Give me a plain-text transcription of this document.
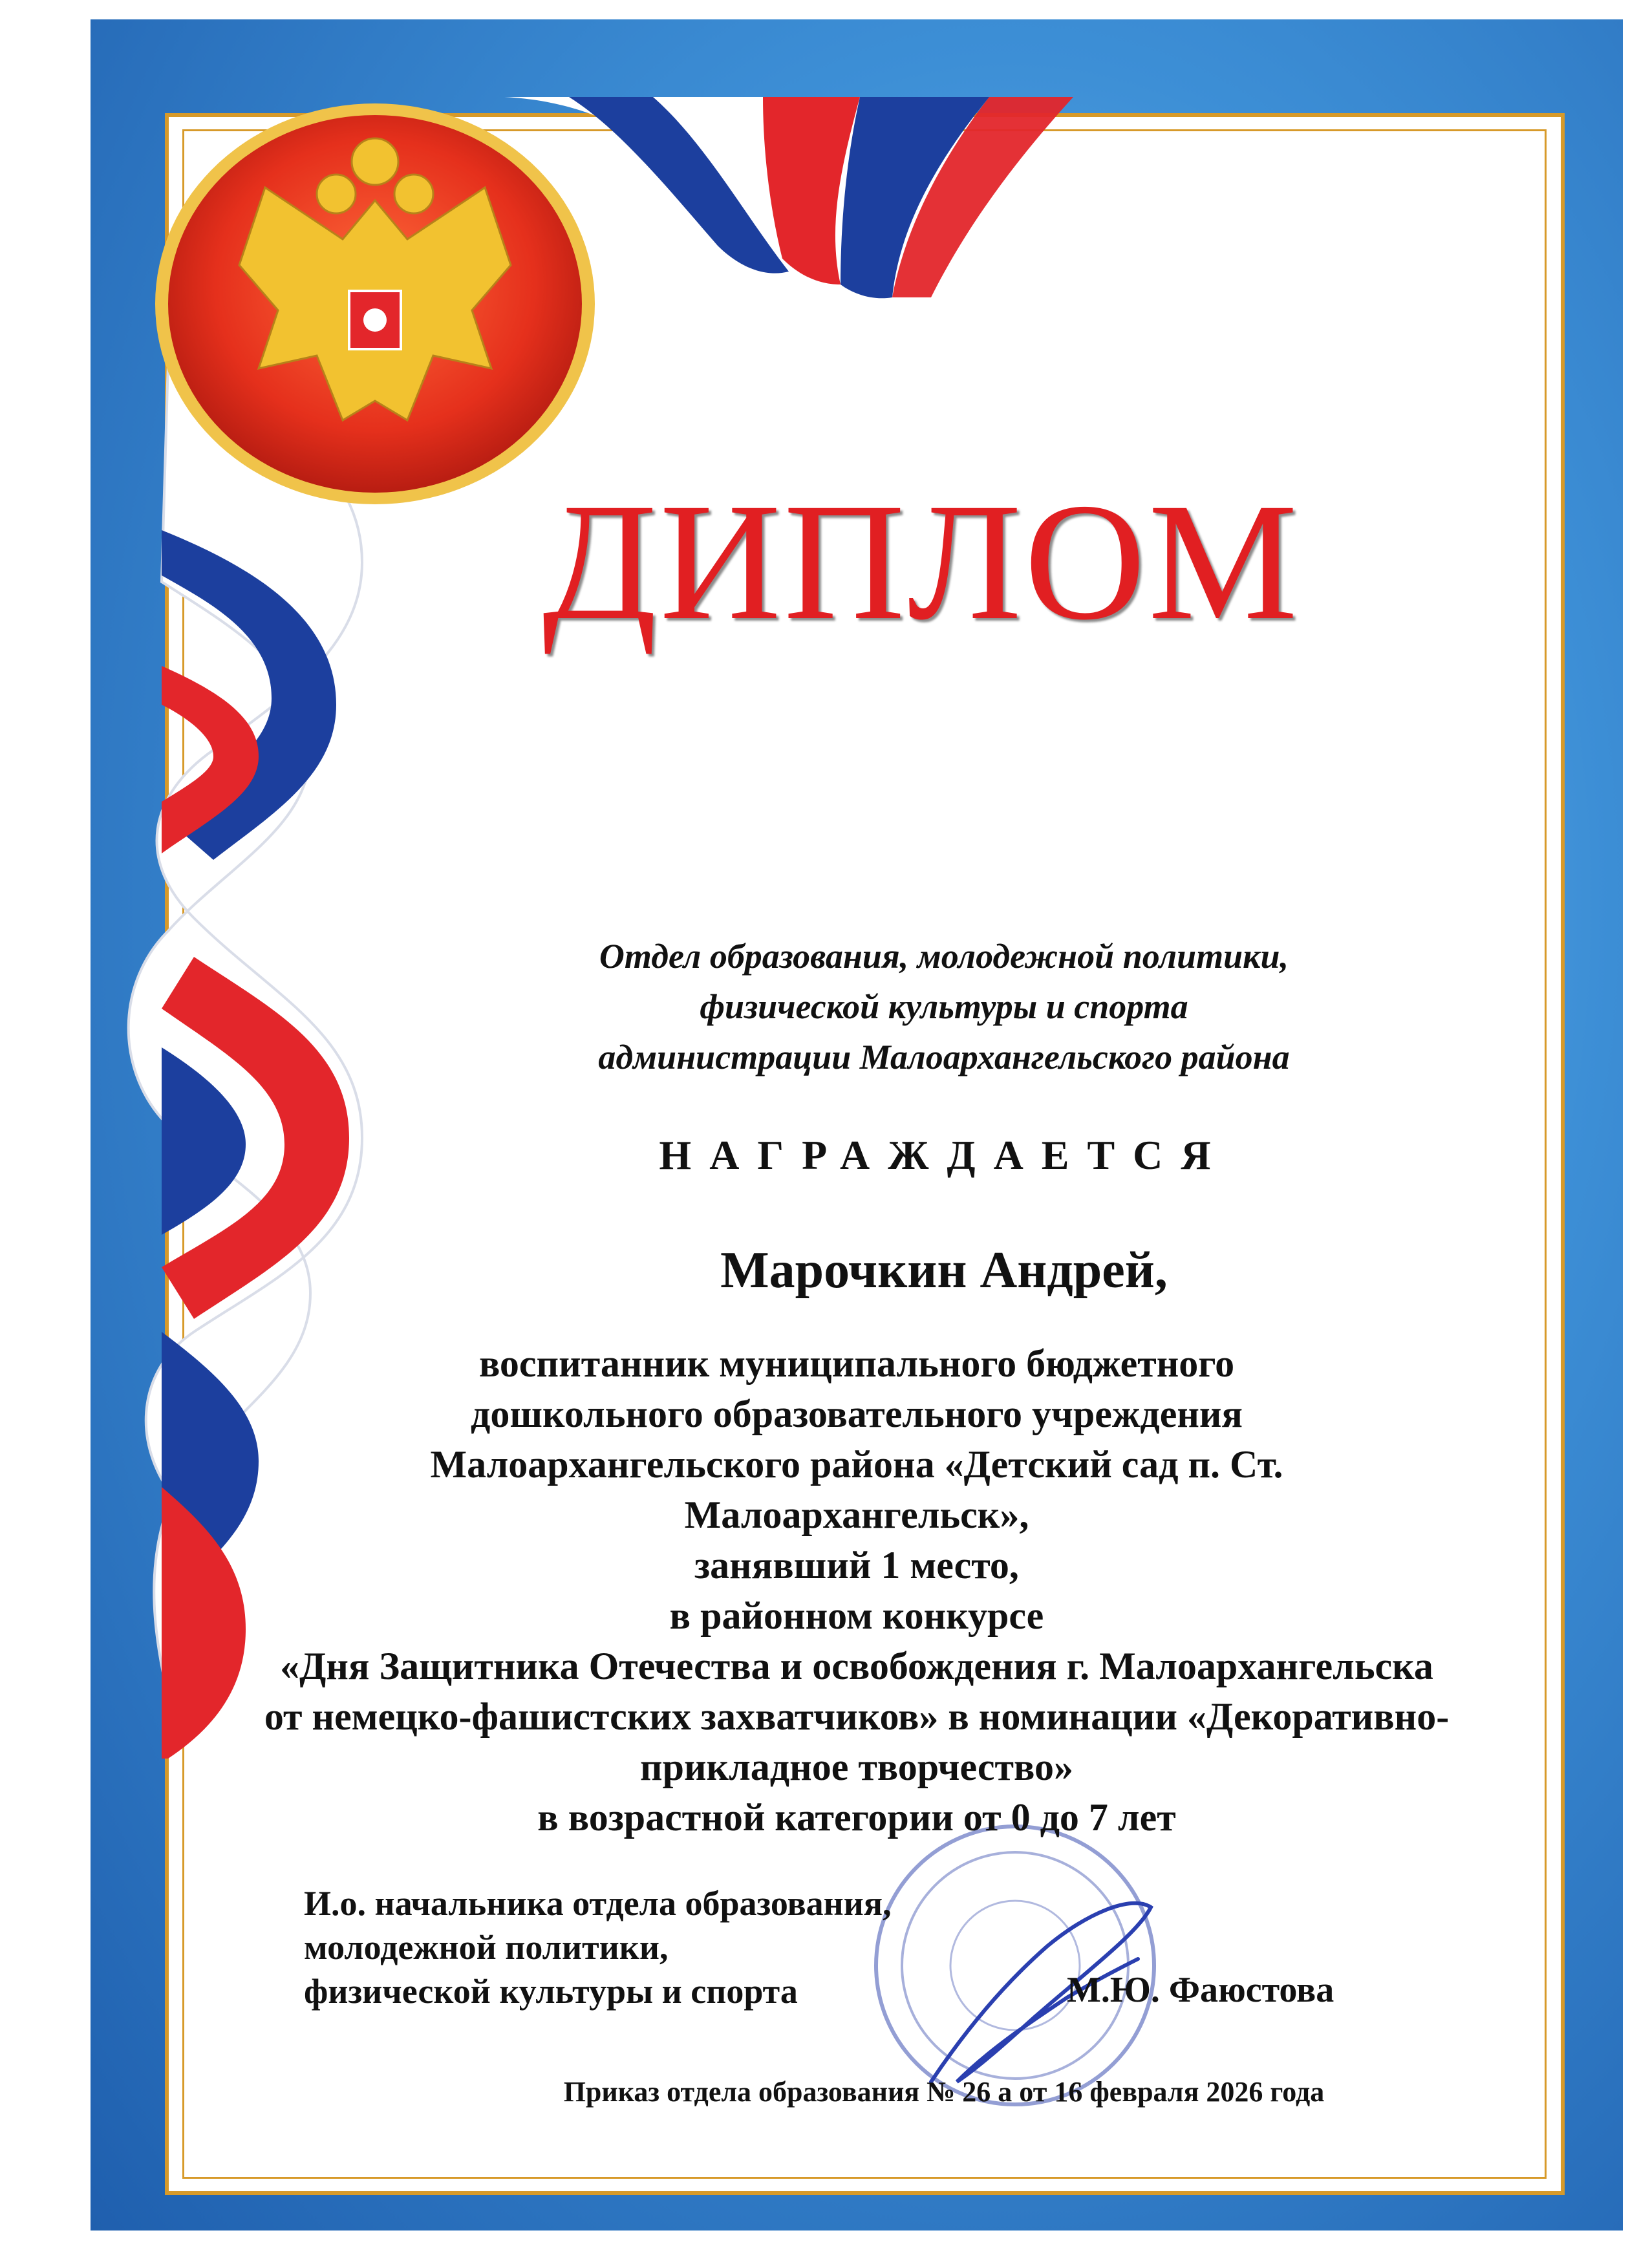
ДИПЛОМ
Отдел образования, молодежной политики,
физической культуры и спорта
администрации Малоархангельского района
НАГРАЖДАЕТСЯ
Марочкин Андрей,
воспитанник муниципального бюджетного
дошкольного образовательного учреждения
Малоархангельского района «Детский сад п. Ст.
Малоархангельск»,
занявший 1 место,
в районном конкурсе
«Дня Защитника Отечества и освобождения г. Малоархангельска
от немецко-фашистских захватчиков» в номинации «Декоративно-
прикладное творчество»
в возрастной категории от 0 до 7 лет
И.о. начальника отдела образования,
молодежной политики,
физической культуры и спорта	М.Ю. Фаюстова
Приказ отдела образования № 26 а от 16 февраля 2026 года
